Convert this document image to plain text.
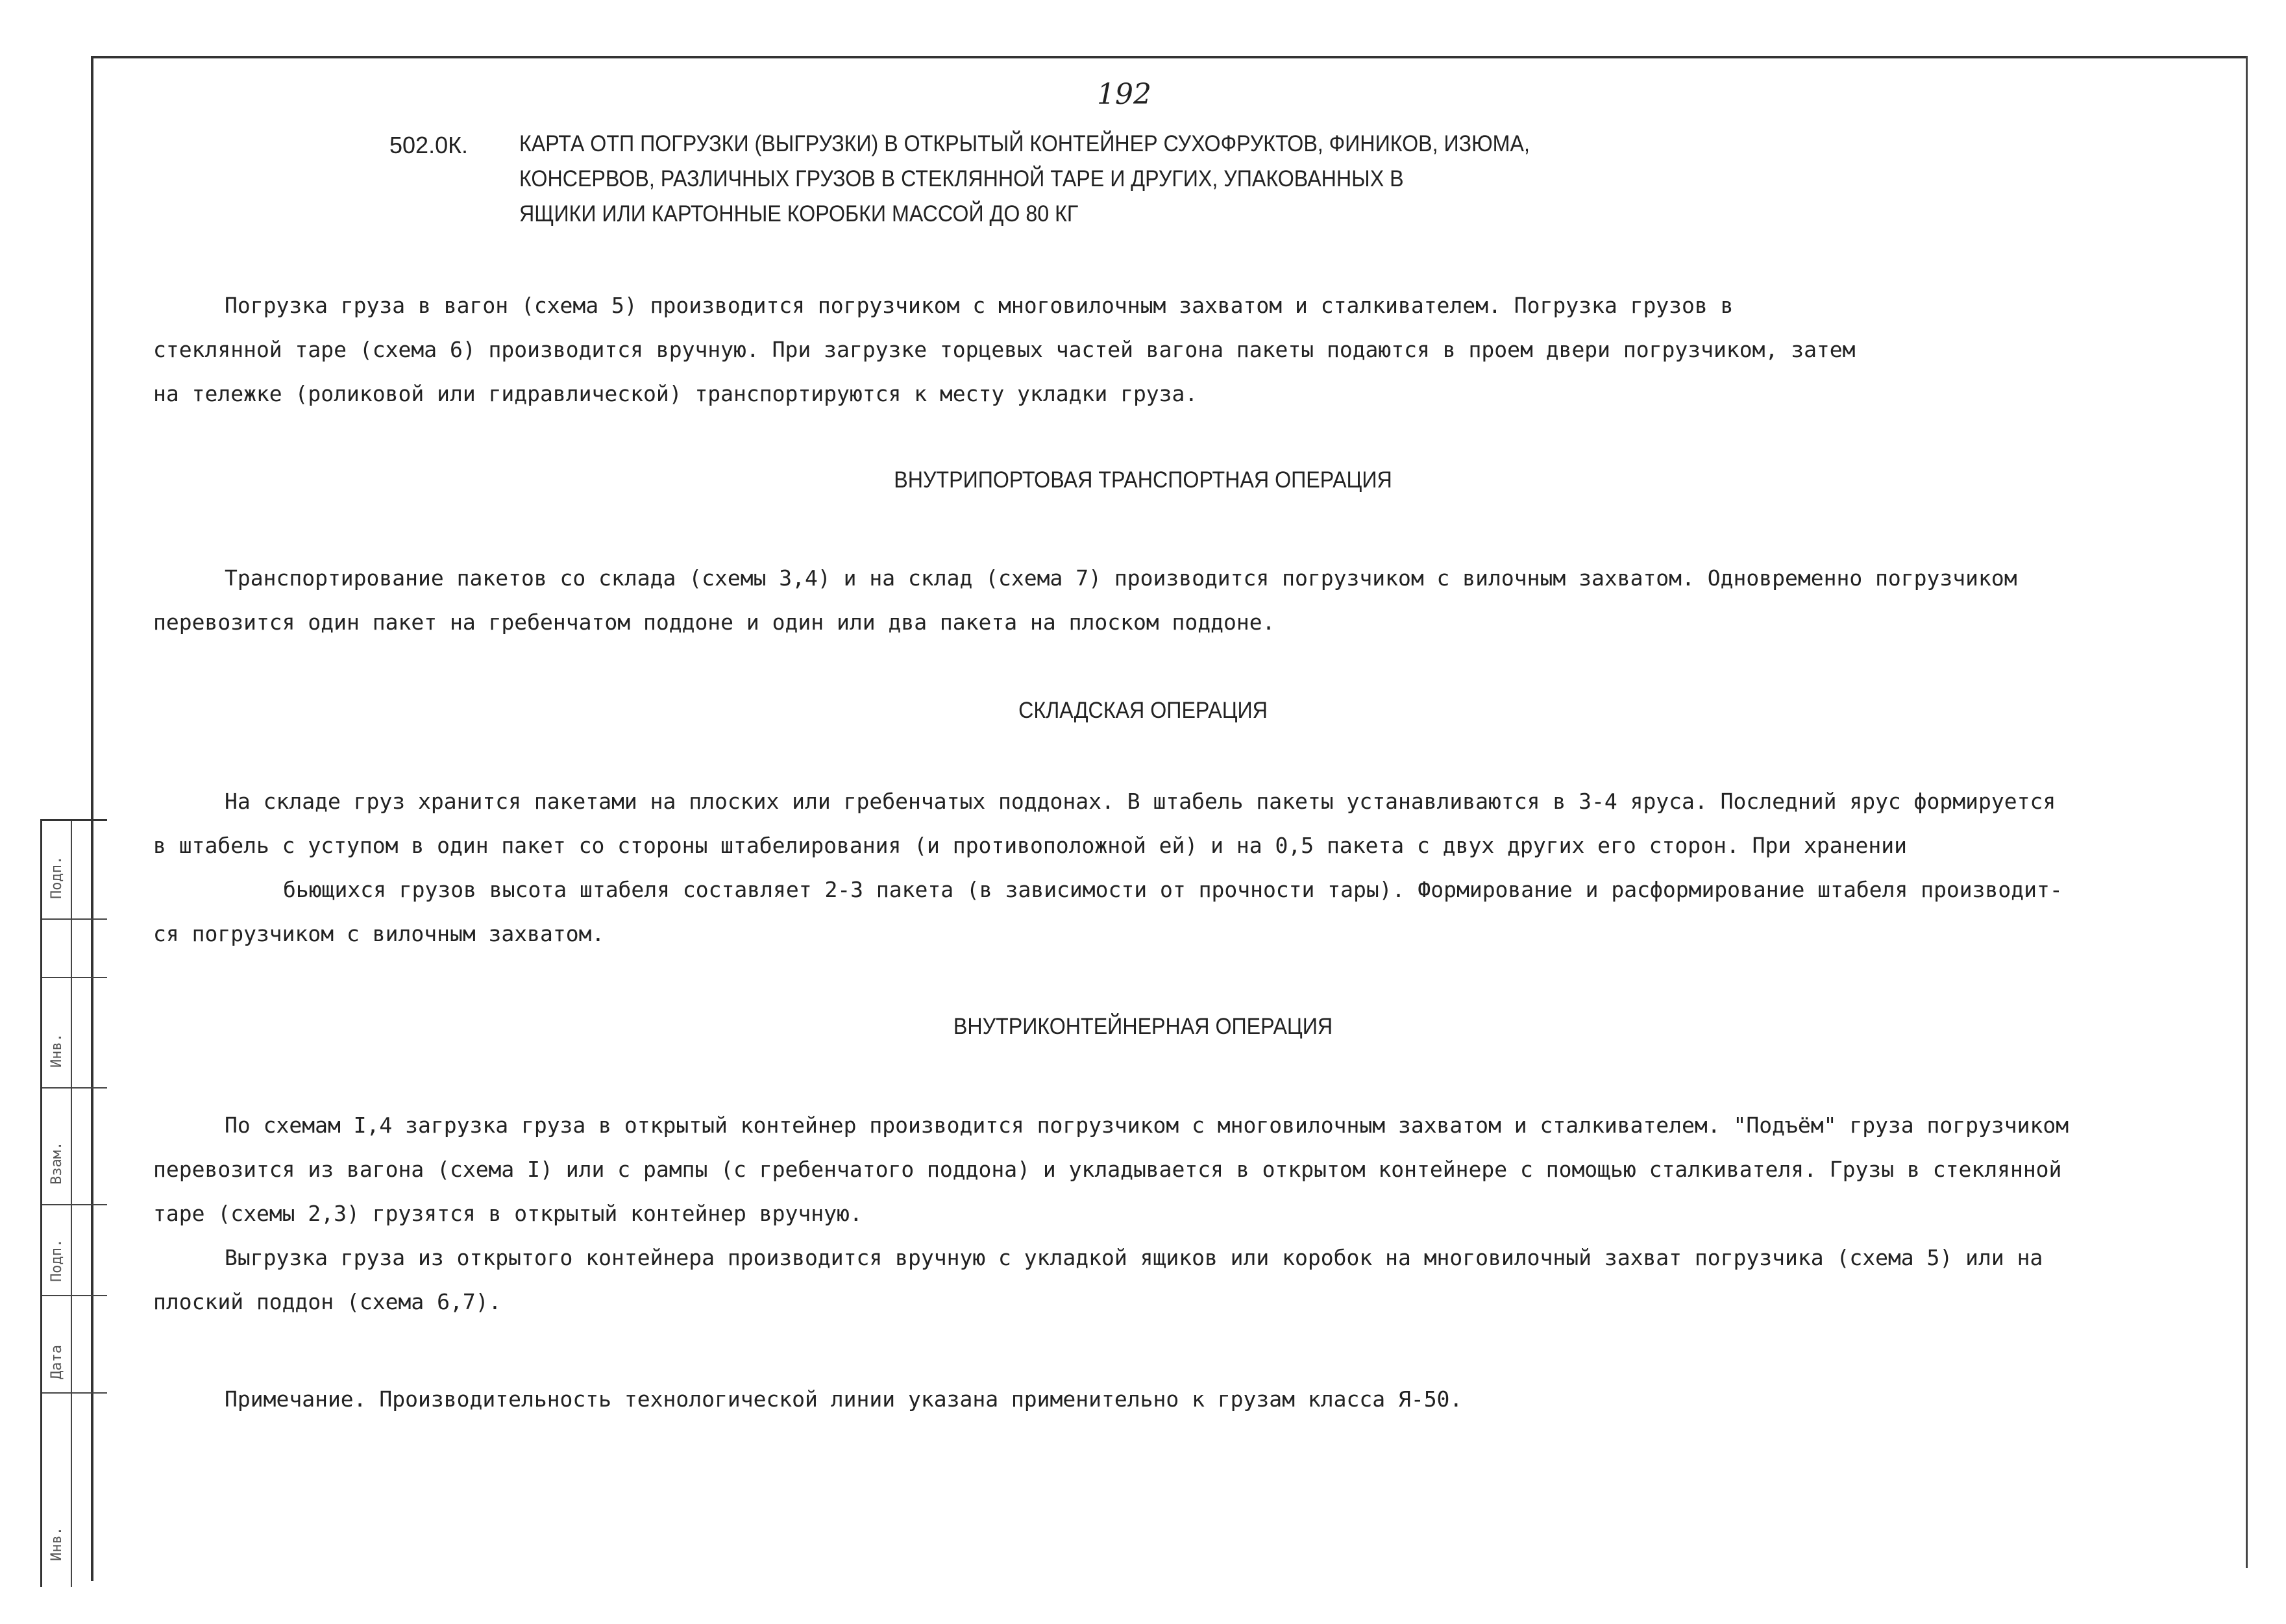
192
502.0К. КАРТА ОТП ПОГРУЗКИ (ВЫГРУЗКИ) В ОТКРЫТЫЙ КОНТЕЙНЕР СУХОФРУКТОВ, ФИНИКОВ, ИЗЮМА,
КОНСЕРВОВ, РАЗЛИЧНЫХ ГРУЗОВ В СТЕКЛЯННОЙ ТАРЕ И ДРУГИХ, УПАКОВАННЫХ В
ЯЩИКИ ИЛИ КАРТОННЫЕ КОРОБКИ МАССОЙ ДО 80 КГ
Погрузка груза в вагон (схема 5) производится погрузчиком с многовилочным захватом и сталкивателем. Погрузка грузов в
стеклянной таре (схема 6) производится вручную. При загрузке торцевых частей вагона пакеты подаются в проем двери погрузчиком, затем
на тележке (роликовой или гидравлической) транспортируются к месту укладки груза.
ВНУТРИПОРТОВАЯ ТРАНСПОРТНАЯ ОПЕРАЦИЯ
Транспортирование пакетов со склада (схемы 3,4) и на склад (схема 7) производится погрузчиком с вилочным захватом. Одновременно погрузчиком
перевозится один пакет на гребенчатом поддоне и один или два пакета на плоском поддоне.
СКЛАДСКАЯ ОПЕРАЦИЯ
На складе груз хранится пакетами на плоских или гребенчатых поддонах. В штабель пакеты устанавливаются в 3-4 яруса. Последний ярус формируется
в штабель с уступом в один пакет со стороны штабелирования (и противоположной ей) и на 0,5 пакета с двух других его сторон. При хранении
бьющихся грузов высота штабеля составляет 2-3 пакета (в зависимости от прочности тары). Формирование и расформирование штабеля производит-
ся погрузчиком с вилочным захватом.
ВНУТРИКОНТЕЙНЕРНАЯ ОПЕРАЦИЯ
По схемам I,4 загрузка груза в открытый контейнер производится погрузчиком с многовилочным захватом и сталкивателем. "Подъём" груза погрузчиком
перевозится из вагона (схема I) или с рампы (с гребенчатого поддона) и укладывается в открытом контейнере с помощью сталкивателя. Грузы в стеклянной
таре (схемы 2,3) грузятся в открытый контейнер вручную.
Выгрузка груза из открытого контейнера производится вручную с укладкой ящиков или коробок на многовилочный захват погрузчика (схема 5) или на
плоский поддон (схема 6,7).
Примечание. Производительность технологической линии указана применительно к грузам класса Я-50.
Подп.
Инв.
Взам.
Подп.
Дата
Инв.
